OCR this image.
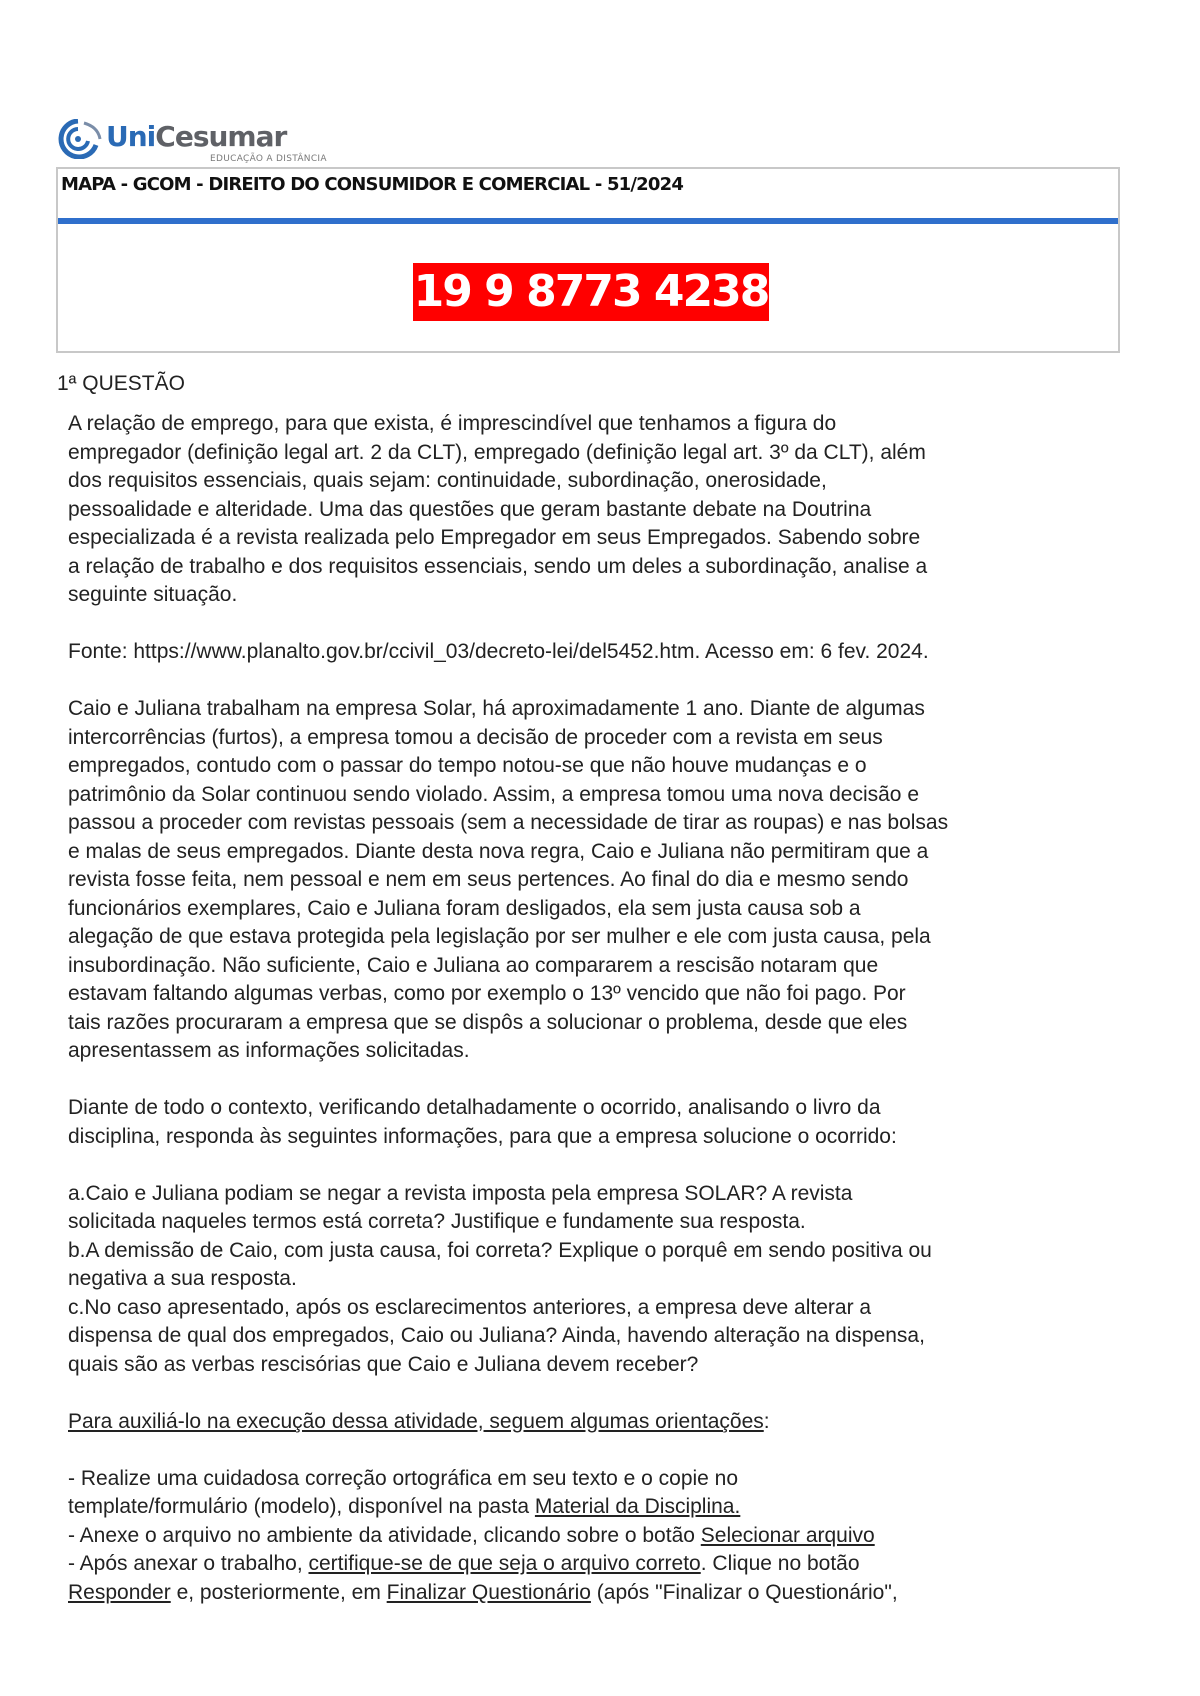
UniCesumar
EDUCAÇÃO A DISTÂNCIA
MAPA - GCOM - DIREITO DO CONSUMIDOR E COMERCIAL - 51/2024
19 9 8773 4238
1ª QUESTÃO
A relação de emprego, para que exista, é imprescindível que tenhamos a figura do
empregador (definição legal art. 2 da CLT), empregado (definição legal art. 3º da CLT), além
dos requisitos essenciais, quais sejam: continuidade, subordinação, onerosidade,
pessoalidade e alteridade. Uma das questões que geram bastante debate na Doutrina
especializada é a revista realizada pelo Empregador em seus Empregados. Sabendo sobre
a relação de trabalho e dos requisitos essenciais, sendo um deles a subordinação, analise a
seguinte situação.
Fonte: https://www.planalto.gov.br/ccivil_03/decreto-lei/del5452.htm. Acesso em: 6 fev. 2024.
Caio e Juliana trabalham na empresa Solar, há aproximadamente 1 ano. Diante de algumas
intercorrências (furtos), a empresa tomou a decisão de proceder com a revista em seus
empregados, contudo com o passar do tempo notou-se que não houve mudanças e o
patrimônio da Solar continuou sendo violado. Assim, a empresa tomou uma nova decisão e
passou a proceder com revistas pessoais (sem a necessidade de tirar as roupas) e nas bolsas
e malas de seus empregados. Diante desta nova regra, Caio e Juliana não permitiram que a
revista fosse feita, nem pessoal e nem em seus pertences. Ao final do dia e mesmo sendo
funcionários exemplares, Caio e Juliana foram desligados, ela sem justa causa sob a
alegação de que estava protegida pela legislação por ser mulher e ele com justa causa, pela
insubordinação. Não suficiente, Caio e Juliana ao compararem a rescisão notaram que
estavam faltando algumas verbas, como por exemplo o 13º vencido que não foi pago. Por
tais razões procuraram a empresa que se dispôs a solucionar o problema, desde que eles
apresentassem as informações solicitadas.
Diante de todo o contexto, verificando detalhadamente o ocorrido, analisando o livro da
disciplina, responda às seguintes informações, para que a empresa solucione o ocorrido:
a.Caio e Juliana podiam se negar a revista imposta pela empresa SOLAR? A revista
solicitada naqueles termos está correta? Justifique e fundamente sua resposta.
b.A demissão de Caio, com justa causa, foi correta? Explique o porquê em sendo positiva ou
negativa a sua resposta.
c.No caso apresentado, após os esclarecimentos anteriores, a empresa deve alterar a
dispensa de qual dos empregados, Caio ou Juliana? Ainda, havendo alteração na dispensa,
quais são as verbas rescisórias que Caio e Juliana devem receber?
Para auxiliá-lo na execução dessa atividade, seguem algumas orientações:
- Realize uma cuidadosa correção ortográfica em seu texto e o copie no
template/formulário (modelo), disponível na pasta Material da Disciplina.
- Anexe o arquivo no ambiente da atividade, clicando sobre o botão Selecionar arquivo
- Após anexar o trabalho, certifique-se de que seja o arquivo correto. Clique no botão
Responder e, posteriormente, em Finalizar Questionário (após "Finalizar o Questionário",
